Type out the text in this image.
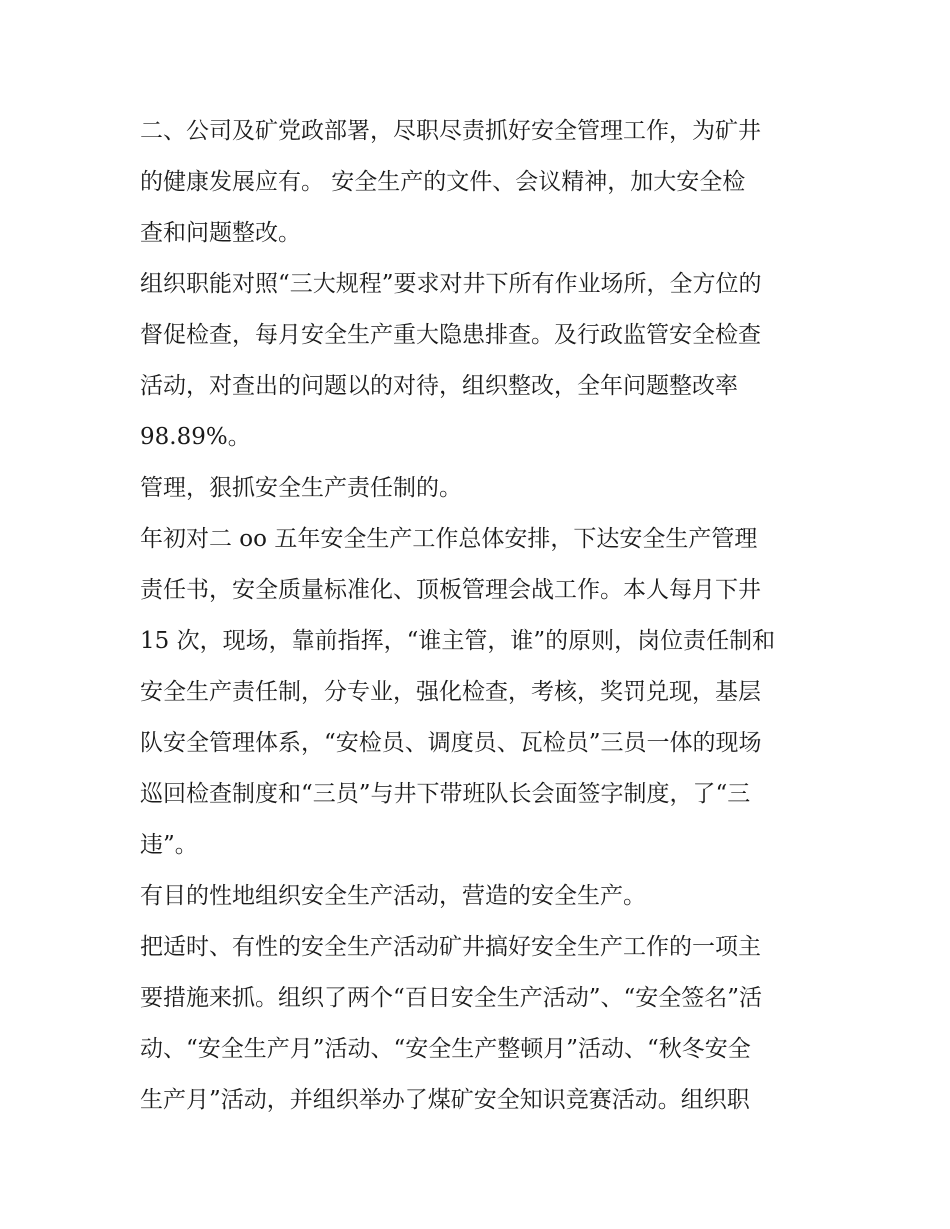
二、公司及矿党政部署，尽职尽责抓好安全管理工作，为矿井
的健康发展应有。 安全生产的文件、会议精神，加大安全检
查和问题整改。
组织职能对照“三大规程”要求对井下所有作业场所，全方位的
督促检查，每月安全生产重大隐患排查。及行政监管安全检查
活动，对查出的问题以的对待，组织整改，全年问题整改率
98.89%。
管理，狠抓安全生产责任制的。
年初对二 oo 五年安全生产工作总体安排，下达安全生产管理
责任书，安全质量标准化、顶板管理会战工作。本人每月下井
15 次，现场，靠前指挥，“谁主管，谁”的原则，岗位责任制和
安全生产责任制，分专业，强化检查，考核，奖罚兑现，基层
队安全管理体系，“安检员、调度员、瓦检员”三员一体的现场
巡回检查制度和“三员”与井下带班队长会面签字制度，了“三
违”。
有目的性地组织安全生产活动，营造的安全生产。
把适时、有性的安全生产活动矿井搞好安全生产工作的一项主
要措施来抓。组织了两个“百日安全生产活动”、“安全签名”活
动、“安全生产月”活动、“安全生产整顿月”活动、“秋冬安全
生产月”活动，并组织举办了煤矿安全知识竞赛活动。组织职
